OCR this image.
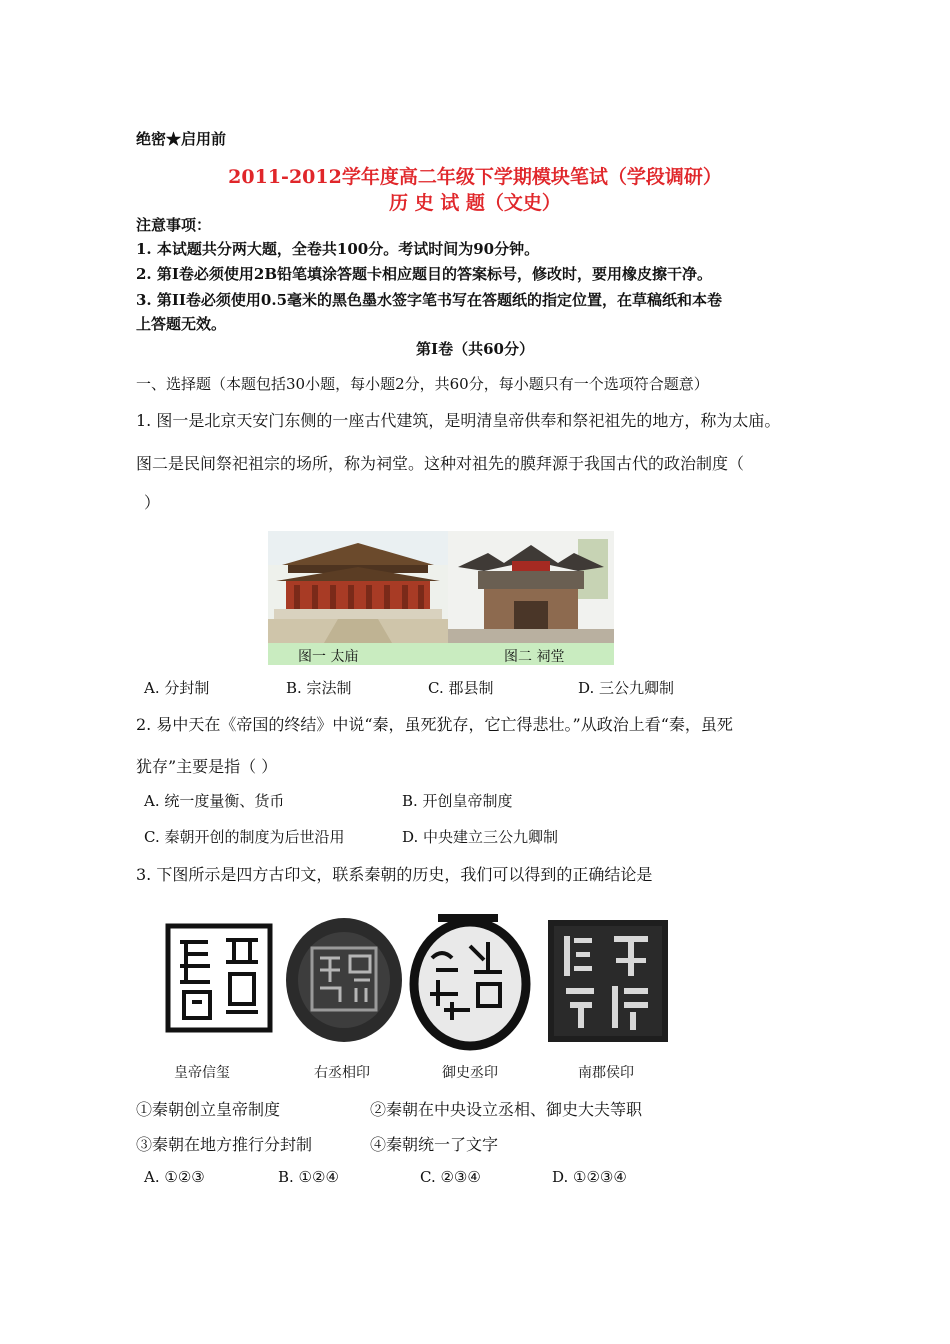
绝密★启用前
2011-2012学年度高二年级下学期模块笔试（学段调研）
历 史 试 题（文史）
注意事项：
1. 本试题共分两大题，全卷共100分。考试时间为90分钟。
2. 第I卷必须使用2B铅笔填涂答题卡相应题目的答案标号，修改时，要用橡皮擦干净。
3. 第II卷必须使用0.5毫米的黑色墨水签字笔书写在答题纸的指定位置，在草稿纸和本卷
上答题无效。
第I卷（共60分）
一、选择题（本题包括30小题，每小题2分，共60分，每小题只有一个选项符合题意）
1. 图一是北京天安门东侧的一座古代建筑，是明清皇帝供奉和祭祀祖先的地方，称为太庙。
图二是民间祭祀祖宗的场所，称为祠堂。这种对祖先的膜拜源于我国古代的政治制度（
）
图一 太庙	图二 祠堂
A. 分封制	B. 宗法制	C. 郡县制	D. 三公九卿制
2. 易中天在《帝国的终结》中说“秦，虽死犹存，它亡得悲壮。”从政治上看“秦，虽死
犹存”主要是指（ ）
A. 统一度量衡、货币	B. 开创皇帝制度
C. 秦朝开创的制度为后世沿用	D. 中央建立三公九卿制
3. 下图所示是四方古印文，联系秦朝的历史，我们可以得到的正确结论是
皇帝信玺	右丞相印	御史丞印	南郡侯印
①秦朝创立皇帝制度	②秦朝在中央设立丞相、御史大夫等职
③秦朝在地方推行分封制	④秦朝统一了文字
A. ①②③	B. ①②④	C. ②③④	D. ①②③④
